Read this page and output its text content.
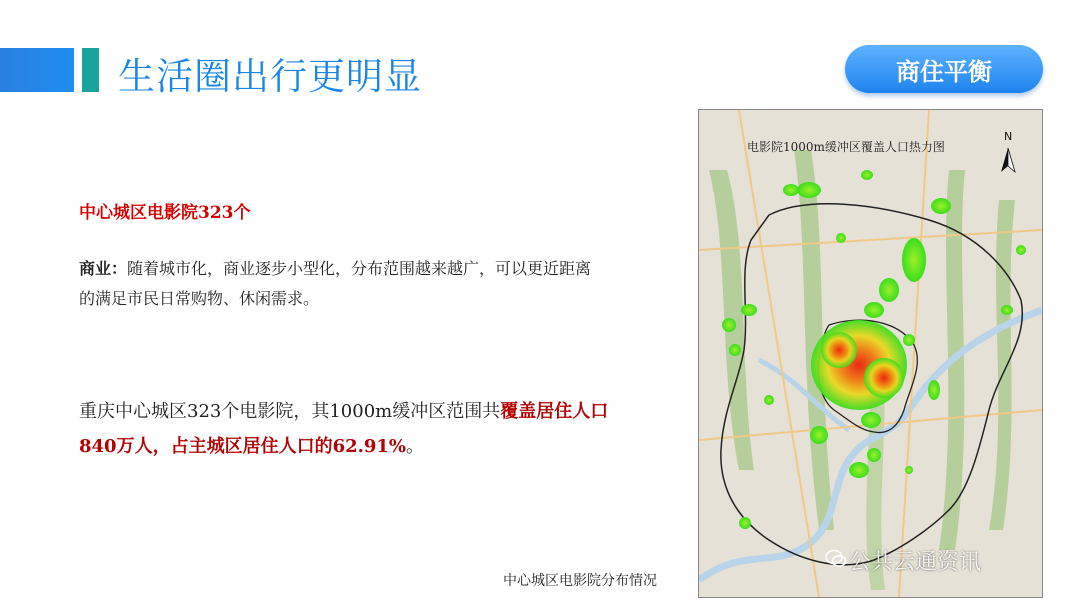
生活圈出行更明显	商住平衡
中心城区电影院323个
商业：随着城市化，商业逐步小型化，分布范围越来越广，可以更近距离的满足市民日常购物、休闲需求。
重庆中心城区323个电影院，其1000m缓冲区范围共覆盖居住人口840万人，占主城区居住人口的62.91%。
电影院1000m缓冲区覆盖人口热力图
N
公共云通资讯
中心城区电影院分布情况
